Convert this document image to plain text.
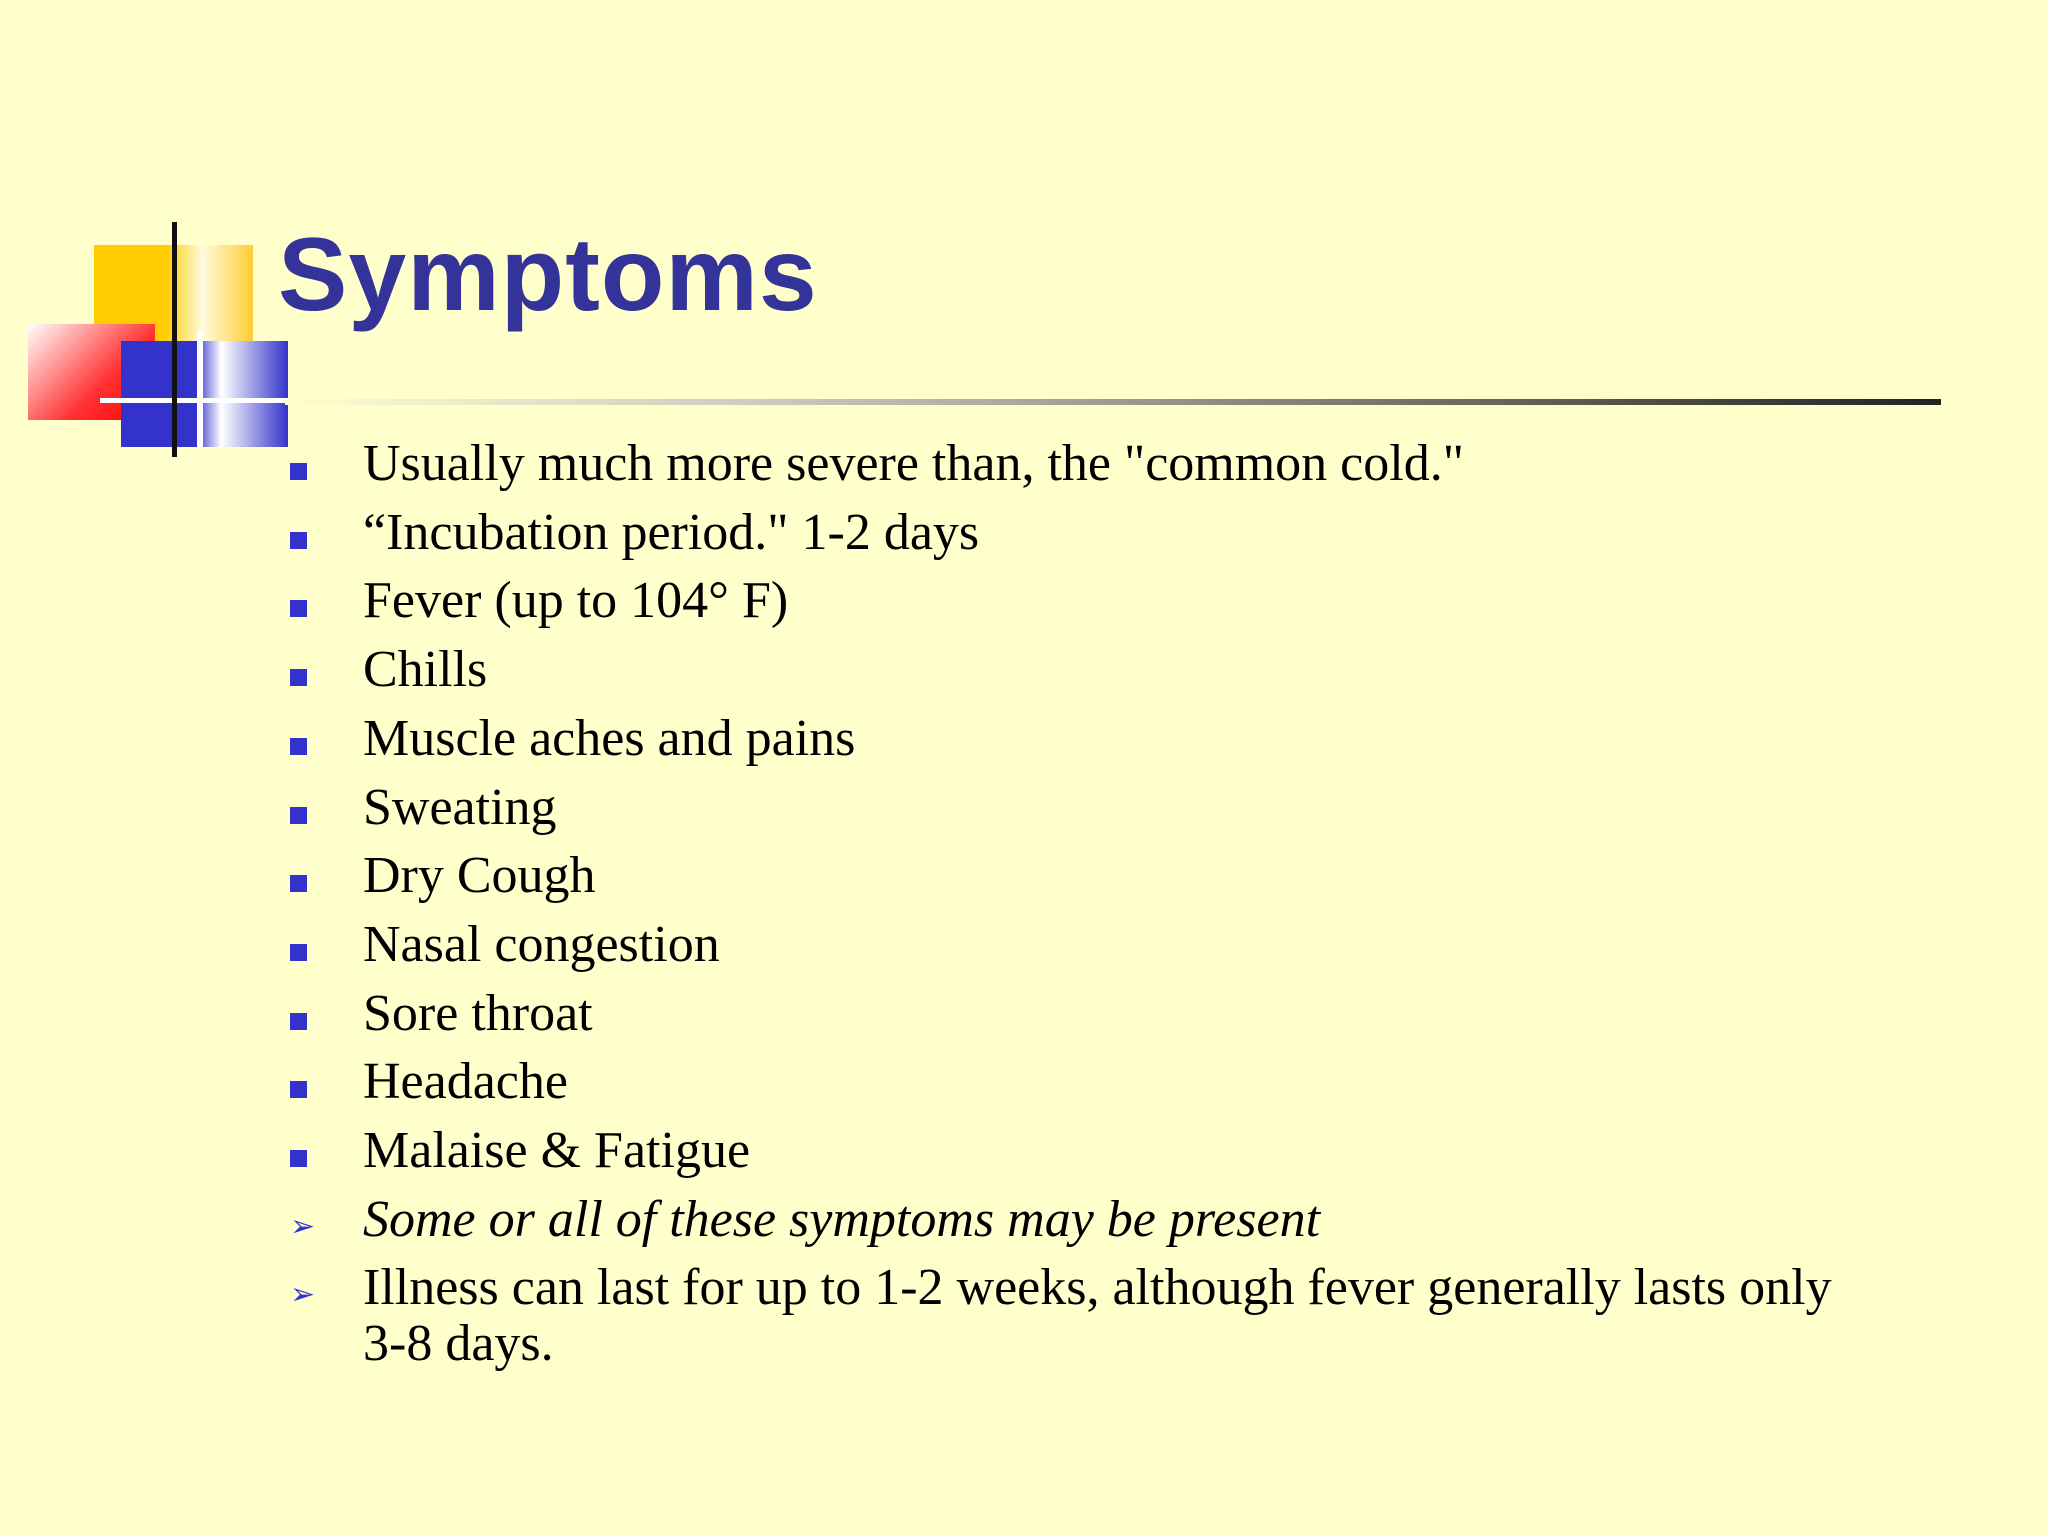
Symptoms
Usually much more severe than, the "common cold."
“Incubation period." 1-2 days
Fever (up to 104° F)
Chills
Muscle aches and pains
Sweating
Dry Cough
Nasal congestion
Sore throat
Headache
Malaise & Fatigue
➢ Some or all of these symptoms may be present
➢ Illness can last for up to 1-2 weeks, although fever generally lasts only 3-8 days.
